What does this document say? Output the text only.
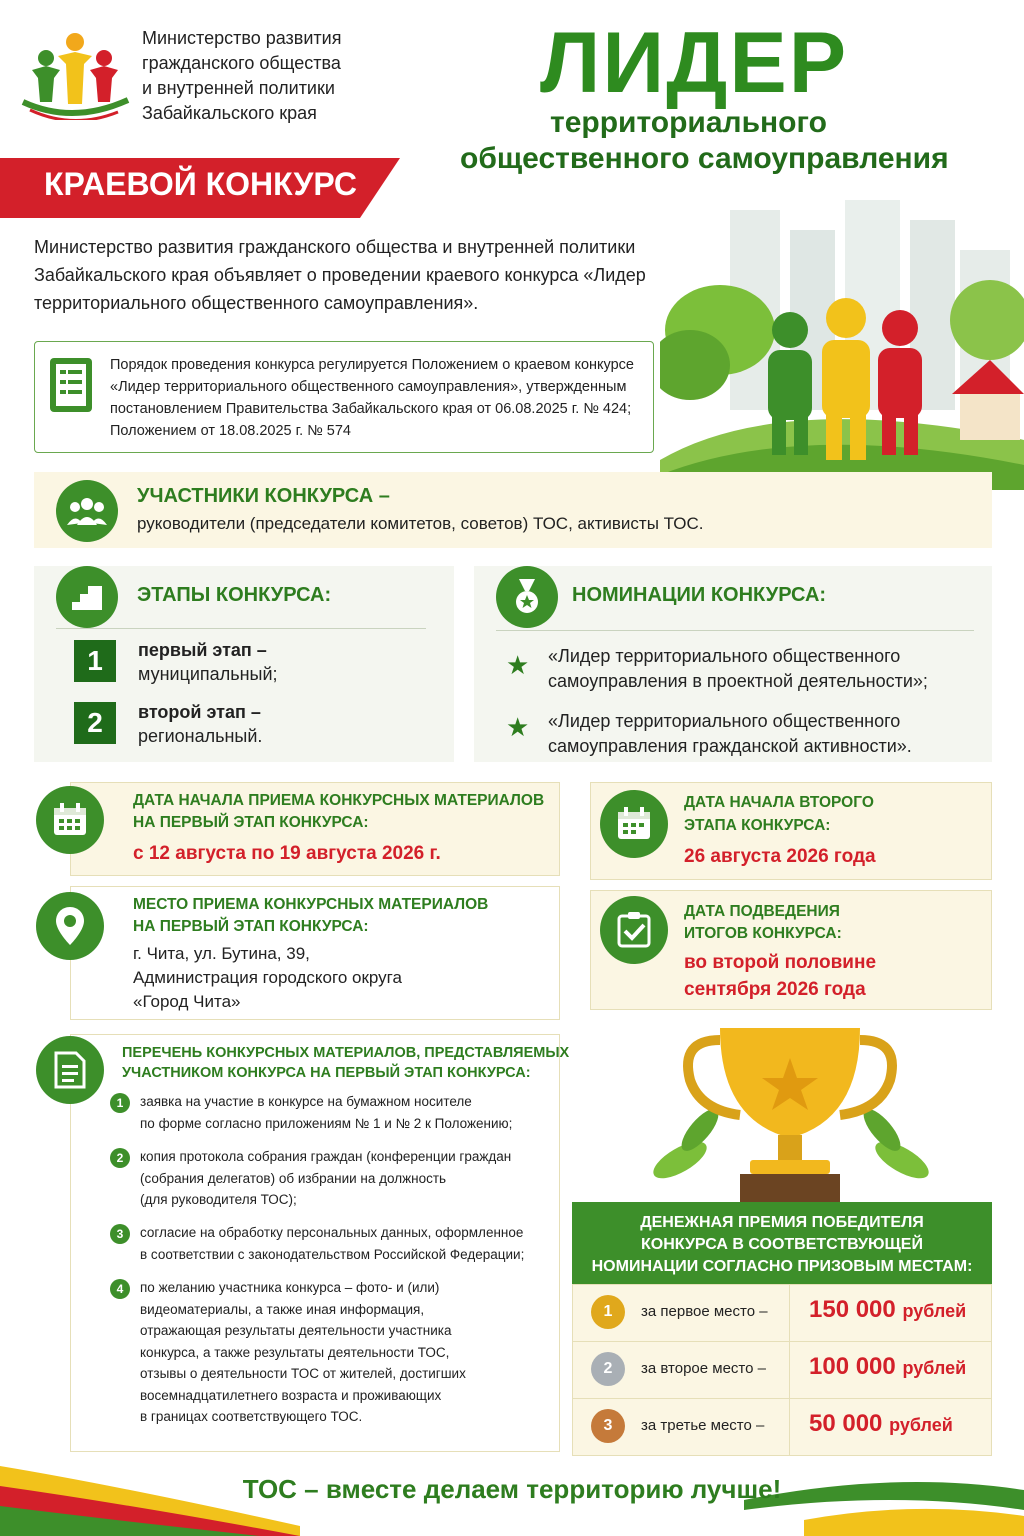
Министерство развития
гражданского общества
и внутренней политики
Забайкальского края
ЛИДЕР
территориального
общественного самоуправления
КРАЕВОЙ КОНКУРС
Министерство развития гражданского общества и внутренней политики Забайкальского края объявляет о проведении краевого конкурса «Лидер территориального общественного самоуправления».
Порядок проведения конкурса регулируется Положением о краевом конкурсе «Лидер территориального общественного самоуправления», утвержденным постановлением Правительства Забайкальского края от 06.08.2025 г. № 424; Положением от 18.08.2025 г. № 574
УЧАСТНИКИ КОНКУРСА –
руководители (председатели комитетов, советов) ТОС, активисты ТОС.
ЭТАПЫ КОНКУРСА:
1	первый этап –
муниципальный;
2	второй этап –
региональный.
НОМИНАЦИИ КОНКУРСА:
★ «Лидер территориального общественного
самоуправления в проектной деятельности»;
★ «Лидер территориального общественного
самоуправления гражданской активности».
ДАТА НАЧАЛА ПРИЕМА КОНКУРСНЫХ МАТЕРИАЛОВ
НА ПЕРВЫЙ ЭТАП КОНКУРСА:
с 12 августа по 19 августа 2026 г.
МЕСТО ПРИЕМА КОНКУРСНЫХ МАТЕРИАЛОВ
НА ПЕРВЫЙ ЭТАП КОНКУРСА:
г. Чита, ул. Бутина, 39,
Администрация городского округа
«Город Чита»
ДАТА НАЧАЛА ВТОРОГО
ЭТАПА КОНКУРСА:
26 августа 2026 года
ДАТА ПОДВЕДЕНИЯ
ИТОГОВ КОНКУРСА:
во второй половине
сентября 2026 года
ПЕРЕЧЕНЬ КОНКУРСНЫХ МАТЕРИАЛОВ, ПРЕДСТАВЛЯЕМЫХ
УЧАСТНИКОМ КОНКУРСА НА ПЕРВЫЙ ЭТАП КОНКУРСА:
1	заявка на участие в конкурсе на бумажном носителе
по форме согласно приложениям № 1 и № 2 к Положению;
2	копия протокола собрания граждан (конференции граждан
(собрания делегатов) об избрании на должность
(для руководителя ТОС);
3	согласие на обработку персональных данных, оформленное
в соответствии с законодательством Российской Федерации;
4	по желанию участника конкурса – фото- и (или)
видеоматериалы, а также иная информация,
отражающая результаты деятельности участника
конкурса, а также результаты деятельности ТОС,
отзывы о деятельности ТОС от жителей, достигших
восемнадцатилетнего возраста и проживающих
в границах соответствующего ТОС.
ДЕНЕЖНАЯ ПРЕМИЯ ПОБЕДИТЕЛЯ
КОНКУРСА В СООТВЕТСТВУЮЩЕЙ
НОМИНАЦИИ СОГЛАСНО ПРИЗОВЫМ МЕСТАМ:
1	за первое место – 150 000 рублей
2	за второе место – 100 000 рублей
3	за третье место – 50 000 рублей
ТОС – вместе делаем территорию лучше!
